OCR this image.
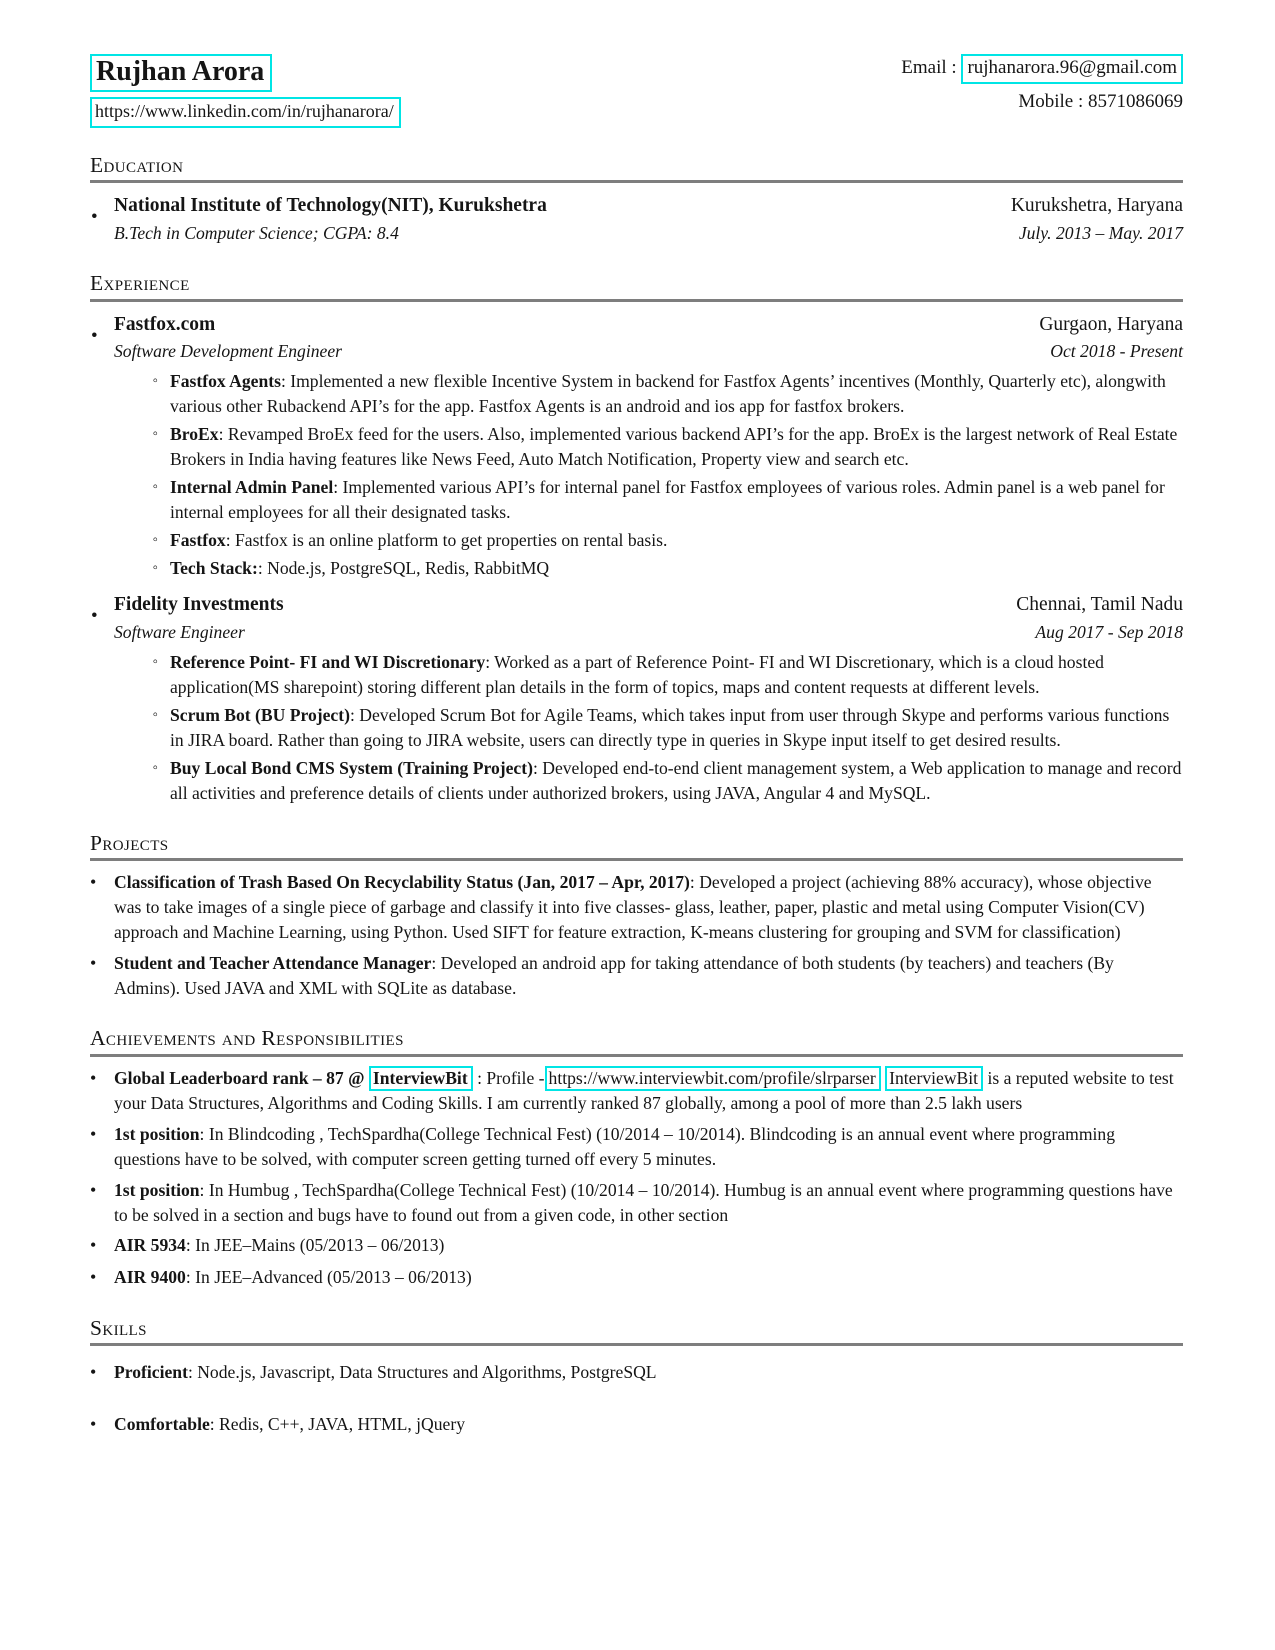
Rujhan Arora
https://www.linkedin.com/in/rujhanarora/
Email : rujhanarora.96@gmail.com
Mobile : 8571086069
Education
•
National Institute of Technology(NIT), Kurukshetra	Kurukshetra, Haryana
B.Tech in Computer Science; CGPA: 8.4	July. 2013 – May. 2017
Experience
•
Fastfox.com	Gurgaon, Haryana
Software Development Engineer	Oct 2018 - Present
◦ Fastfox Agents: Implemented a new flexible Incentive System in backend for Fastfox Agents’ incentives (Monthly, Quarterly etc), alongwith various other Rubackend API’s for the app. Fastfox Agents is an android and ios app for fastfox brokers.
◦ BroEx: Revamped BroEx feed for the users. Also, implemented various backend API’s for the app. BroEx is the largest network of Real Estate Brokers in India having features like News Feed, Auto Match Notification, Property view and search etc.
◦ Internal Admin Panel: Implemented various API’s for internal panel for Fastfox employees of various roles. Admin panel is a web panel for internal employees for all their designated tasks.
◦ Fastfox: Fastfox is an online platform to get properties on rental basis.
◦ Tech Stack:: Node.js, PostgreSQL, Redis, RabbitMQ
•
Fidelity Investments	Chennai, Tamil Nadu
Software Engineer	Aug 2017 - Sep 2018
◦ Reference Point- FI and WI Discretionary: Worked as a part of Reference Point- FI and WI Discretionary, which is a cloud hosted application(MS sharepoint) storing different plan details in the form of topics, maps and content requests at different levels.
◦ Scrum Bot (BU Project): Developed Scrum Bot for Agile Teams, which takes input from user through Skype and performs various functions in JIRA board. Rather than going to JIRA website, users can directly type in queries in Skype input itself to get desired results.
◦ Buy Local Bond CMS System (Training Project): Developed end-to-end client management system, a Web application to manage and record all activities and preference details of clients under authorized brokers, using JAVA, Angular 4 and MySQL.
Projects
•	Classification of Trash Based On Recyclability Status (Jan, 2017 – Apr, 2017): Developed a project (achieving 88% accuracy), whose objective was to take images of a single piece of garbage and classify it into five classes- glass, leather, paper, plastic and metal using Computer Vision(CV) approach and Machine Learning, using Python. Used SIFT for feature extraction, K-means clustering for grouping and SVM for classification)
•	Student and Teacher Attendance Manager: Developed an android app for taking attendance of both students (by teachers) and teachers (By Admins). Used JAVA and XML with SQLite as database.
Achievements and Responsibilities
•	Global Leaderboard rank – 87 @ InterviewBit : Profile - https://www.interviewbit.com/profile/slrparser InterviewBit is a reputed website to test your Data Structures, Algorithms and Coding Skills. I am currently ranked 87 globally, among a pool of more than 2.5 lakh users
•	1st position: In Blindcoding , TechSpardha(College Technical Fest) (10/2014 – 10/2014). Blindcoding is an annual event where programming questions have to be solved, with computer screen getting turned off every 5 minutes.
•	1st position: In Humbug , TechSpardha(College Technical Fest) (10/2014 – 10/2014). Humbug is an annual event where programming questions have to be solved in a section and bugs have to found out from a given code, in other section
•	AIR 5934: In JEE–Mains (05/2013 – 06/2013)
•	AIR 9400: In JEE–Advanced (05/2013 – 06/2013)
Skills
•	Proficient: Node.js, Javascript, Data Structures and Algorithms, PostgreSQL
•	Comfortable: Redis, C++, JAVA, HTML, jQuery
